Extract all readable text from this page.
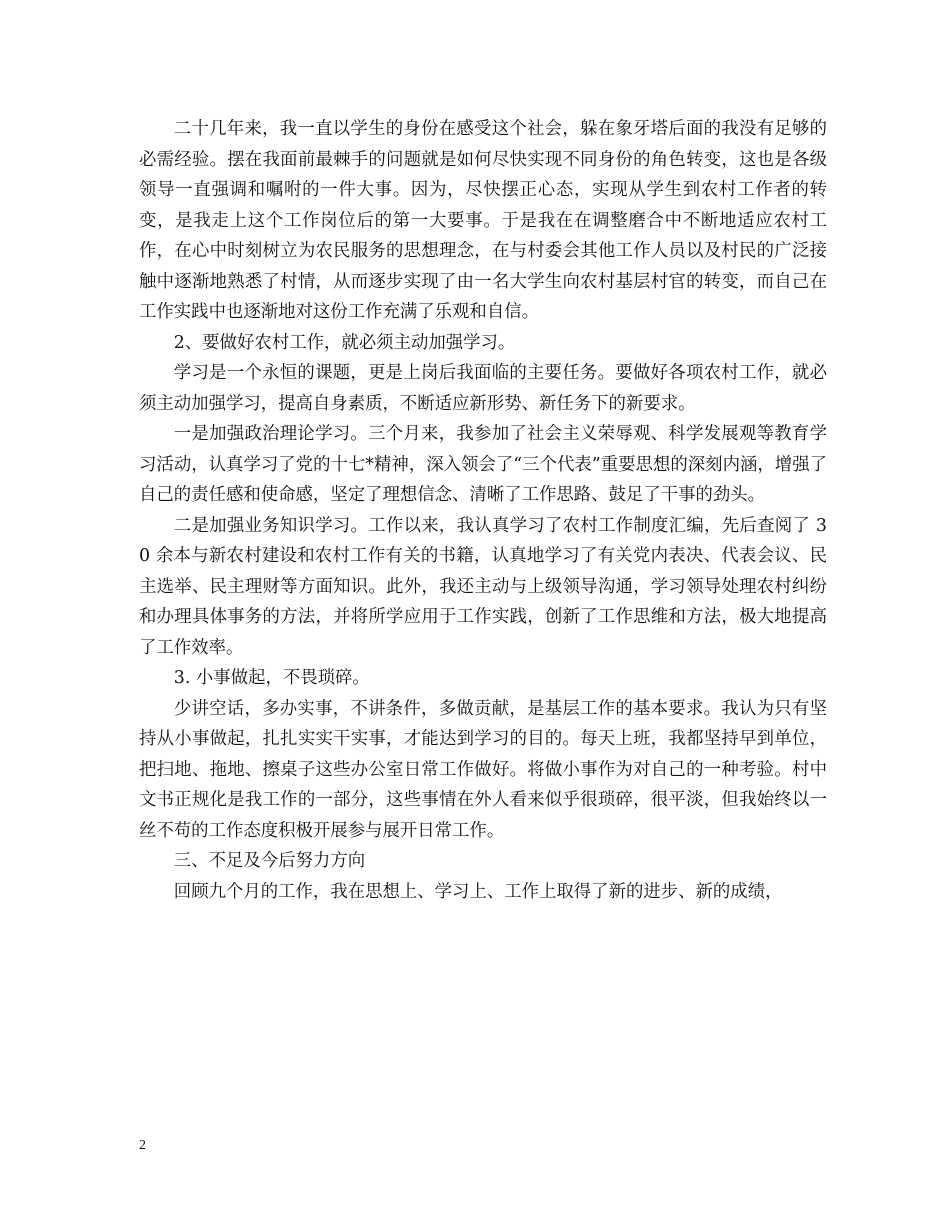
二十几年来，我一直以学生的身份在感受这个社会，躲在象牙塔后面的我没有足够的必需经验。摆在我面前最棘手的问题就是如何尽快实现不同身份的角色转变，这也是各级领导一直强调和嘱咐的一件大事。因为，尽快摆正心态，实现从学生到农村工作者的转变，是我走上这个工作岗位后的第一大要事。于是我在在调整磨合中不断地适应农村工作，在心中时刻树立为农民服务的思想理念，在与村委会其他工作人员以及村民的广泛接触中逐渐地熟悉了村情，从而逐步实现了由一名大学生向农村基层村官的转变，而自己在工作实践中也逐渐地对这份工作充满了乐观和自信。

2、要做好农村工作，就必须主动加强学习。

学习是一个永恒的课题，更是上岗后我面临的主要任务。要做好各项农村工作，就必须主动加强学习，提高自身素质，不断适应新形势、新任务下的新要求。

一是加强政治理论学习。三个月来，我参加了社会主义荣辱观、科学发展观等教育学习活动，认真学习了党的十七*精神，深入领会了“三个代表”重要思想的深刻内涵，增强了自己的责任感和使命感，坚定了理想信念、清晰了工作思路、鼓足了干事的劲头。

二是加强业务知识学习。工作以来，我认真学习了农村工作制度汇编，先后查阅了 30 余本与新农村建设和农村工作有关的书籍，认真地学习了有关党内表决、代表会议、民主选举、民主理财等方面知识。此外，我还主动与上级领导沟通，学习领导处理农村纠纷和办理具体事务的方法，并将所学应用于工作实践，创新了工作思维和方法，极大地提高了工作效率。

3. 小事做起，不畏琐碎。

少讲空话，多办实事，不讲条件，多做贡献，是基层工作的基本要求。我认为只有坚持从小事做起，扎扎实实干实事，才能达到学习的目的。每天上班，我都坚持早到单位，把扫地、拖地、擦桌子这些办公室日常工作做好。将做小事作为对自己的一种考验。村中文书正规化是我工作的一部分，这些事情在外人看来似乎很琐碎，很平淡，但我始终以一丝不苟的工作态度积极开展参与展开日常工作。

三、不足及今后努力方向

回顾九个月的工作，我在思想上、学习上、工作上取得了新的进步、新的成绩，

2
